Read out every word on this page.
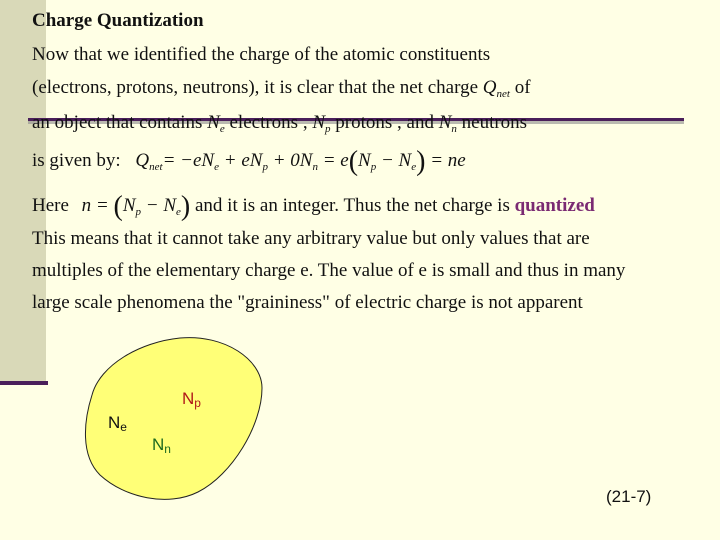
Charge Quantization
Now that we identified the charge of the atomic constituents
(electrons, protons, neutrons), it is clear that the net charge $Q_{net}$ of
an object that contains $N_e$ electrons , $N_p$ protons , and $N_n$ neutrons
is given by: $Q_{net}= -eN_e + eN_p + 0N_n = e(N_p - N_e)$ = ne
Here $n = (N_p - N_e)$ and it is an integer. Thus the net charge is quantized
This means that it cannot take any arbitrary value but only values that are
multiples of the elementary charge e. The value of e is small and thus in many
large scale phenomena the "graininess" of electric charge is not apparent
Ne
Np
Nn
(21-7)
